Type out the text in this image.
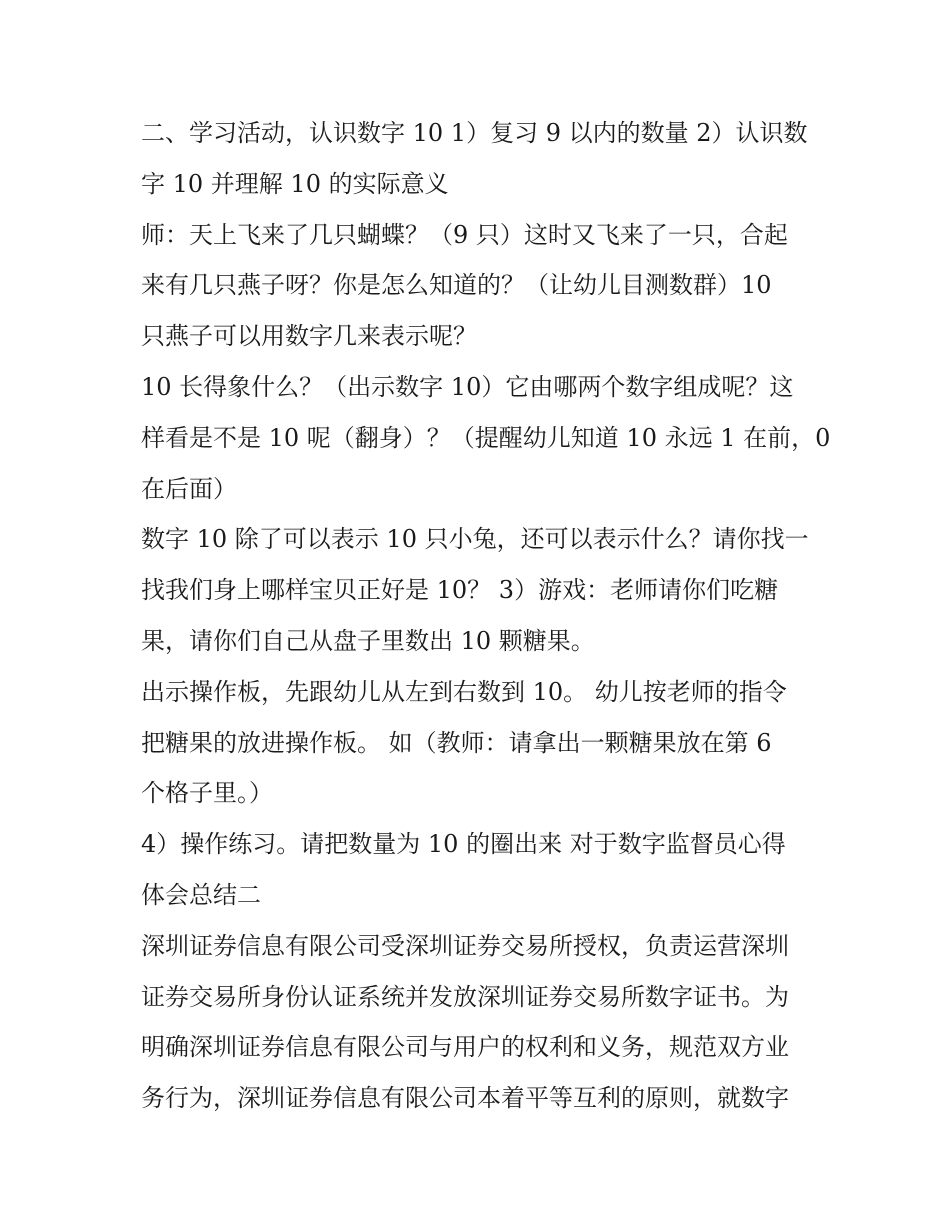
二、学习活动，认识数字 10 1）复习 9 以内的数量 2）认识数
字 10 并理解 10 的实际意义
师：天上飞来了几只蝴蝶？（9 只）这时又飞来了一只，合起
来有几只燕子呀？你是怎么知道的？（让幼儿目测数群）10
只燕子可以用数字几来表示呢？
10 长得象什么？（出示数字 10）它由哪两个数字组成呢？这
样看是不是 10 呢（翻身）？（提醒幼儿知道 10 永远 1 在前，0
在后面）
数字 10 除了可以表示 10 只小兔，还可以表示什么？请你找一
找我们身上哪样宝贝正好是 10？ 3）游戏：老师请你们吃糖
果，请你们自己从盘子里数出 10 颗糖果。
出示操作板，先跟幼儿从左到右数到 10。 幼儿按老师的指令
把糖果的放进操作板。 如（教师：请拿出一颗糖果放在第 6
个格子里。）
4）操作练习。请把数量为 10 的圈出来 对于数字监督员心得
体会总结二
深圳证券信息有限公司受深圳证券交易所授权，负责运营深圳
证券交易所身份认证系统并发放深圳证券交易所数字证书。为
明确深圳证券信息有限公司与用户的权利和义务，规范双方业
务行为，深圳证券信息有限公司本着平等互利的原则，就数字
